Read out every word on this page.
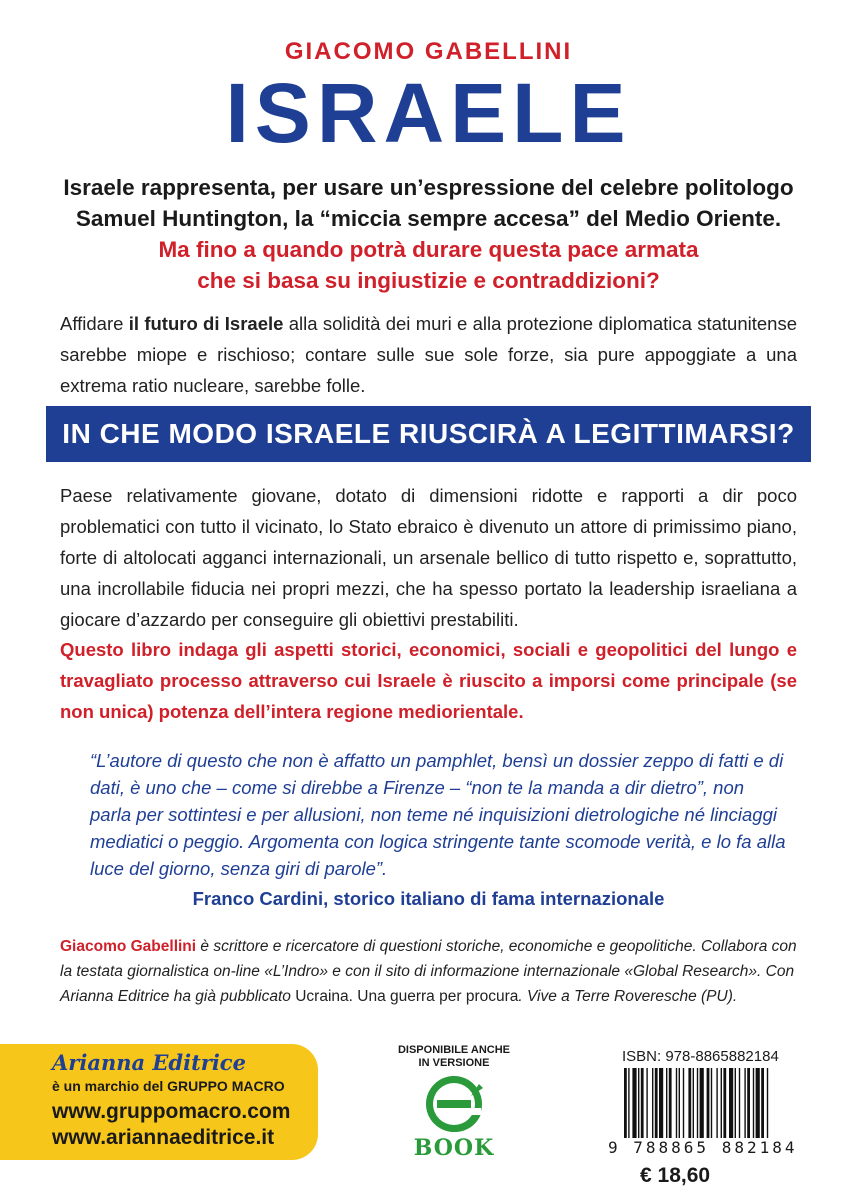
GIACOMO GABELLINI
ISRAELE
Israele rappresenta, per usare un’espressione del celebre politologo
Samuel Huntington, la “miccia sempre accesa” del Medio Oriente.
Ma fino a quando potrà durare questa pace armata
che si basa su ingiustizie e contraddizioni?
Affidare il futuro di Israele alla solidità dei muri e alla protezione diplomatica statunitense sarebbe miope e rischioso; contare sulle sue sole forze, sia pure appoggiate a una extrema ratio nucleare, sarebbe folle.
IN CHE MODO ISRAELE RIUSCIRÀ A LEGITTIMARSI?
Paese relativamente giovane, dotato di dimensioni ridotte e rapporti a dir poco problematici con tutto il vicinato, lo Stato ebraico è divenuto un attore di primissimo piano, forte di altolocati agganci internazionali, un arsenale bellico di tutto rispetto e, soprattutto, una incrollabile fiducia nei propri mezzi, che ha spesso portato la leadership israeliana a giocare d’azzardo per conseguire gli obiettivi prestabiliti.
Questo libro indaga gli aspetti storici, economici, sociali e geopolitici del lungo e travagliato processo attraverso cui Israele è riuscito a imporsi come principale (se non unica) potenza dell’intera regione mediorientale.
“L’autore di questo che non è affatto un pamphlet, bensì un dossier zeppo di fatti e di dati, è uno che – come si direbbe a Firenze – “non te la manda a dir dietro”, non parla per sottintesi e per allusioni, non teme né inquisizioni dietrologiche né linciaggi mediatici o peggio. Argomenta con logica stringente tante scomode verità, e lo fa alla luce del giorno, senza giri di parole”.
Franco Cardini, storico italiano di fama internazionale
Giacomo Gabellini è scrittore e ricercatore di questioni storiche, economiche e geopolitiche. Collabora con la testata giornalistica on-line «L’Indro» e con il sito di informazione internazionale «Global Research». Con Arianna Editrice ha già pubblicato Ucraina. Una guerra per procura. Vive a Terre Roveresche (PU).
Arianna Editrice
è un marchio del GRUPPO MACRO
www.gruppomacro.com
www.ariannaeditrice.it
DISPONIBILE ANCHE
IN VERSIONE
BOOK
ISBN: 978-8865882184
9 788865 882184
€ 18,60
